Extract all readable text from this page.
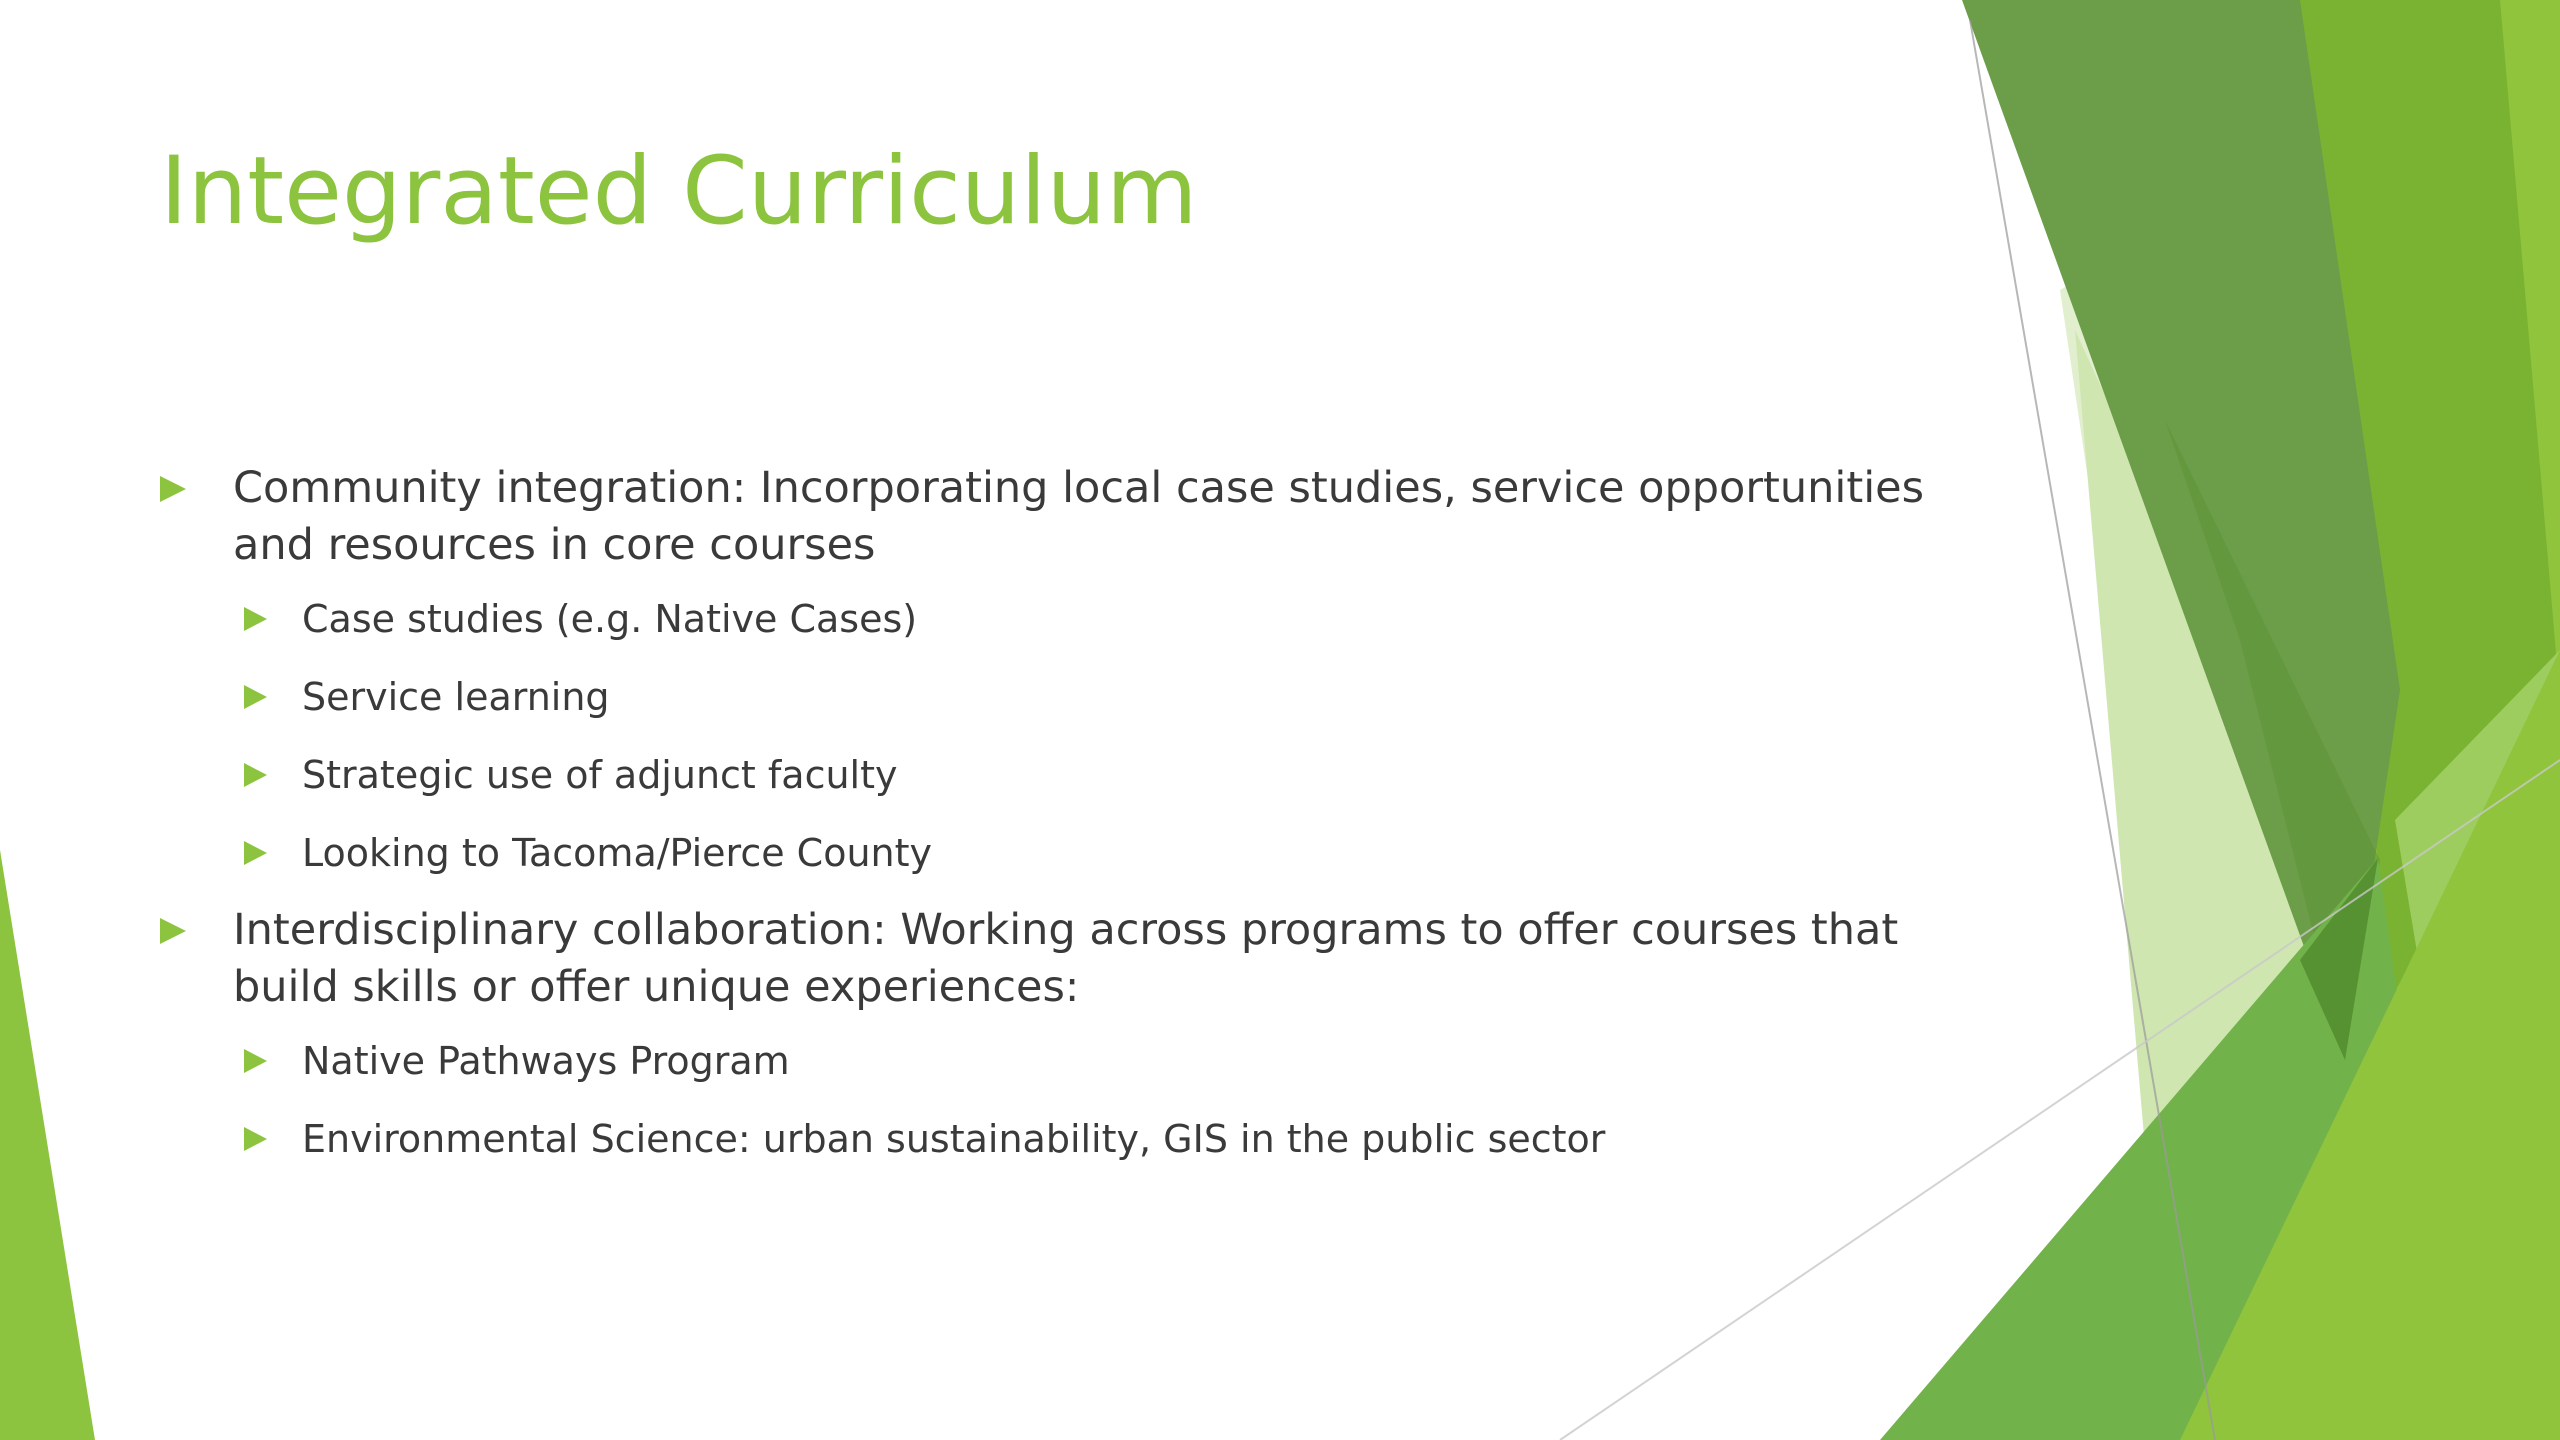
Integrated Curriculum
Community integration: Incorporating local case studies, service opportunities and resources in core courses
Case studies (e.g. Native Cases)
Service learning
Strategic use of adjunct faculty
Looking to Tacoma/Pierce County
Interdisciplinary collaboration: Working across programs to offer courses that build skills or offer unique experiences:
Native Pathways Program
Environmental Science: urban sustainability, GIS in the public sector
